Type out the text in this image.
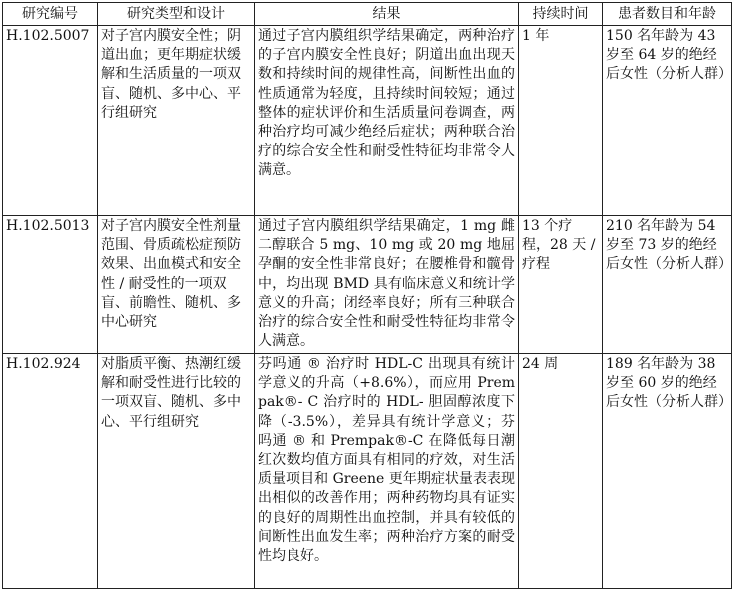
研究编号	研究类型和设计	结果	持续时间	患者数目和年龄
H.102.5007	对子宫内膜安全性；阴道出血；更年期症状缓解和生活质量的一项双盲、随机、多中心、平行组研究	通过子宫内膜组织学结果确定，两种治疗的子宫内膜安全性良好；阴道出血出现天数和持续时间的规律性高，间断性出血的性质通常为轻度，且持续时间较短；通过整体的症状评价和生活质量问卷调查，两种治疗均可减少绝经后症状；两种联合治疗的综合安全性和耐受性特征均非常令人满意。	1 年	150 名年龄为 43 岁至 64 岁的绝经后女性（分析人群）
H.102.5013	对子宫内膜安全性剂量范围、骨质疏松症预防效果、出血模式和安全性 / 耐受性的一项双盲、前瞻性、随机、多中心研究	通过子宫内膜组织学结果确定，1 mg 雌二醇联合 5 mg、10 mg 或 20 mg 地屈孕酮的安全性非常良好；在腰椎骨和髋骨中，均出现 BMD 具有临床意义和统计学意义的升高；闭经率良好；所有三种联合治疗的综合安全性和耐受性特征均非常令人满意。	13 个疗程，28 天 / 疗程	210 名年龄为 54 岁至 73 岁的绝经后女性（分析人群）
H.102.924	对脂质平衡、热潮红缓解和耐受性进行比较的一项双盲、随机、多中心、平行组研究	芬吗通 ® 治疗时 HDL-C 出现具有统计学意义的升高（+8.6%），而应用 Prempak®- C 治疗时的 HDL- 胆固醇浓度下降（-3.5%），差异具有统计学意义；芬吗通 ® 和 Prempak®-C 在降低每日潮红次数均值方面具有相同的疗效，对生活质量项目和 Greene 更年期症状量表表现出相似的改善作用；两种药物均具有证实的良好的周期性出血控制，并具有较低的间断性出血发生率；两种治疗方案的耐受性均良好。	24 周	189 名年龄为 38 岁至 60 岁的绝经后女性（分析人群）
